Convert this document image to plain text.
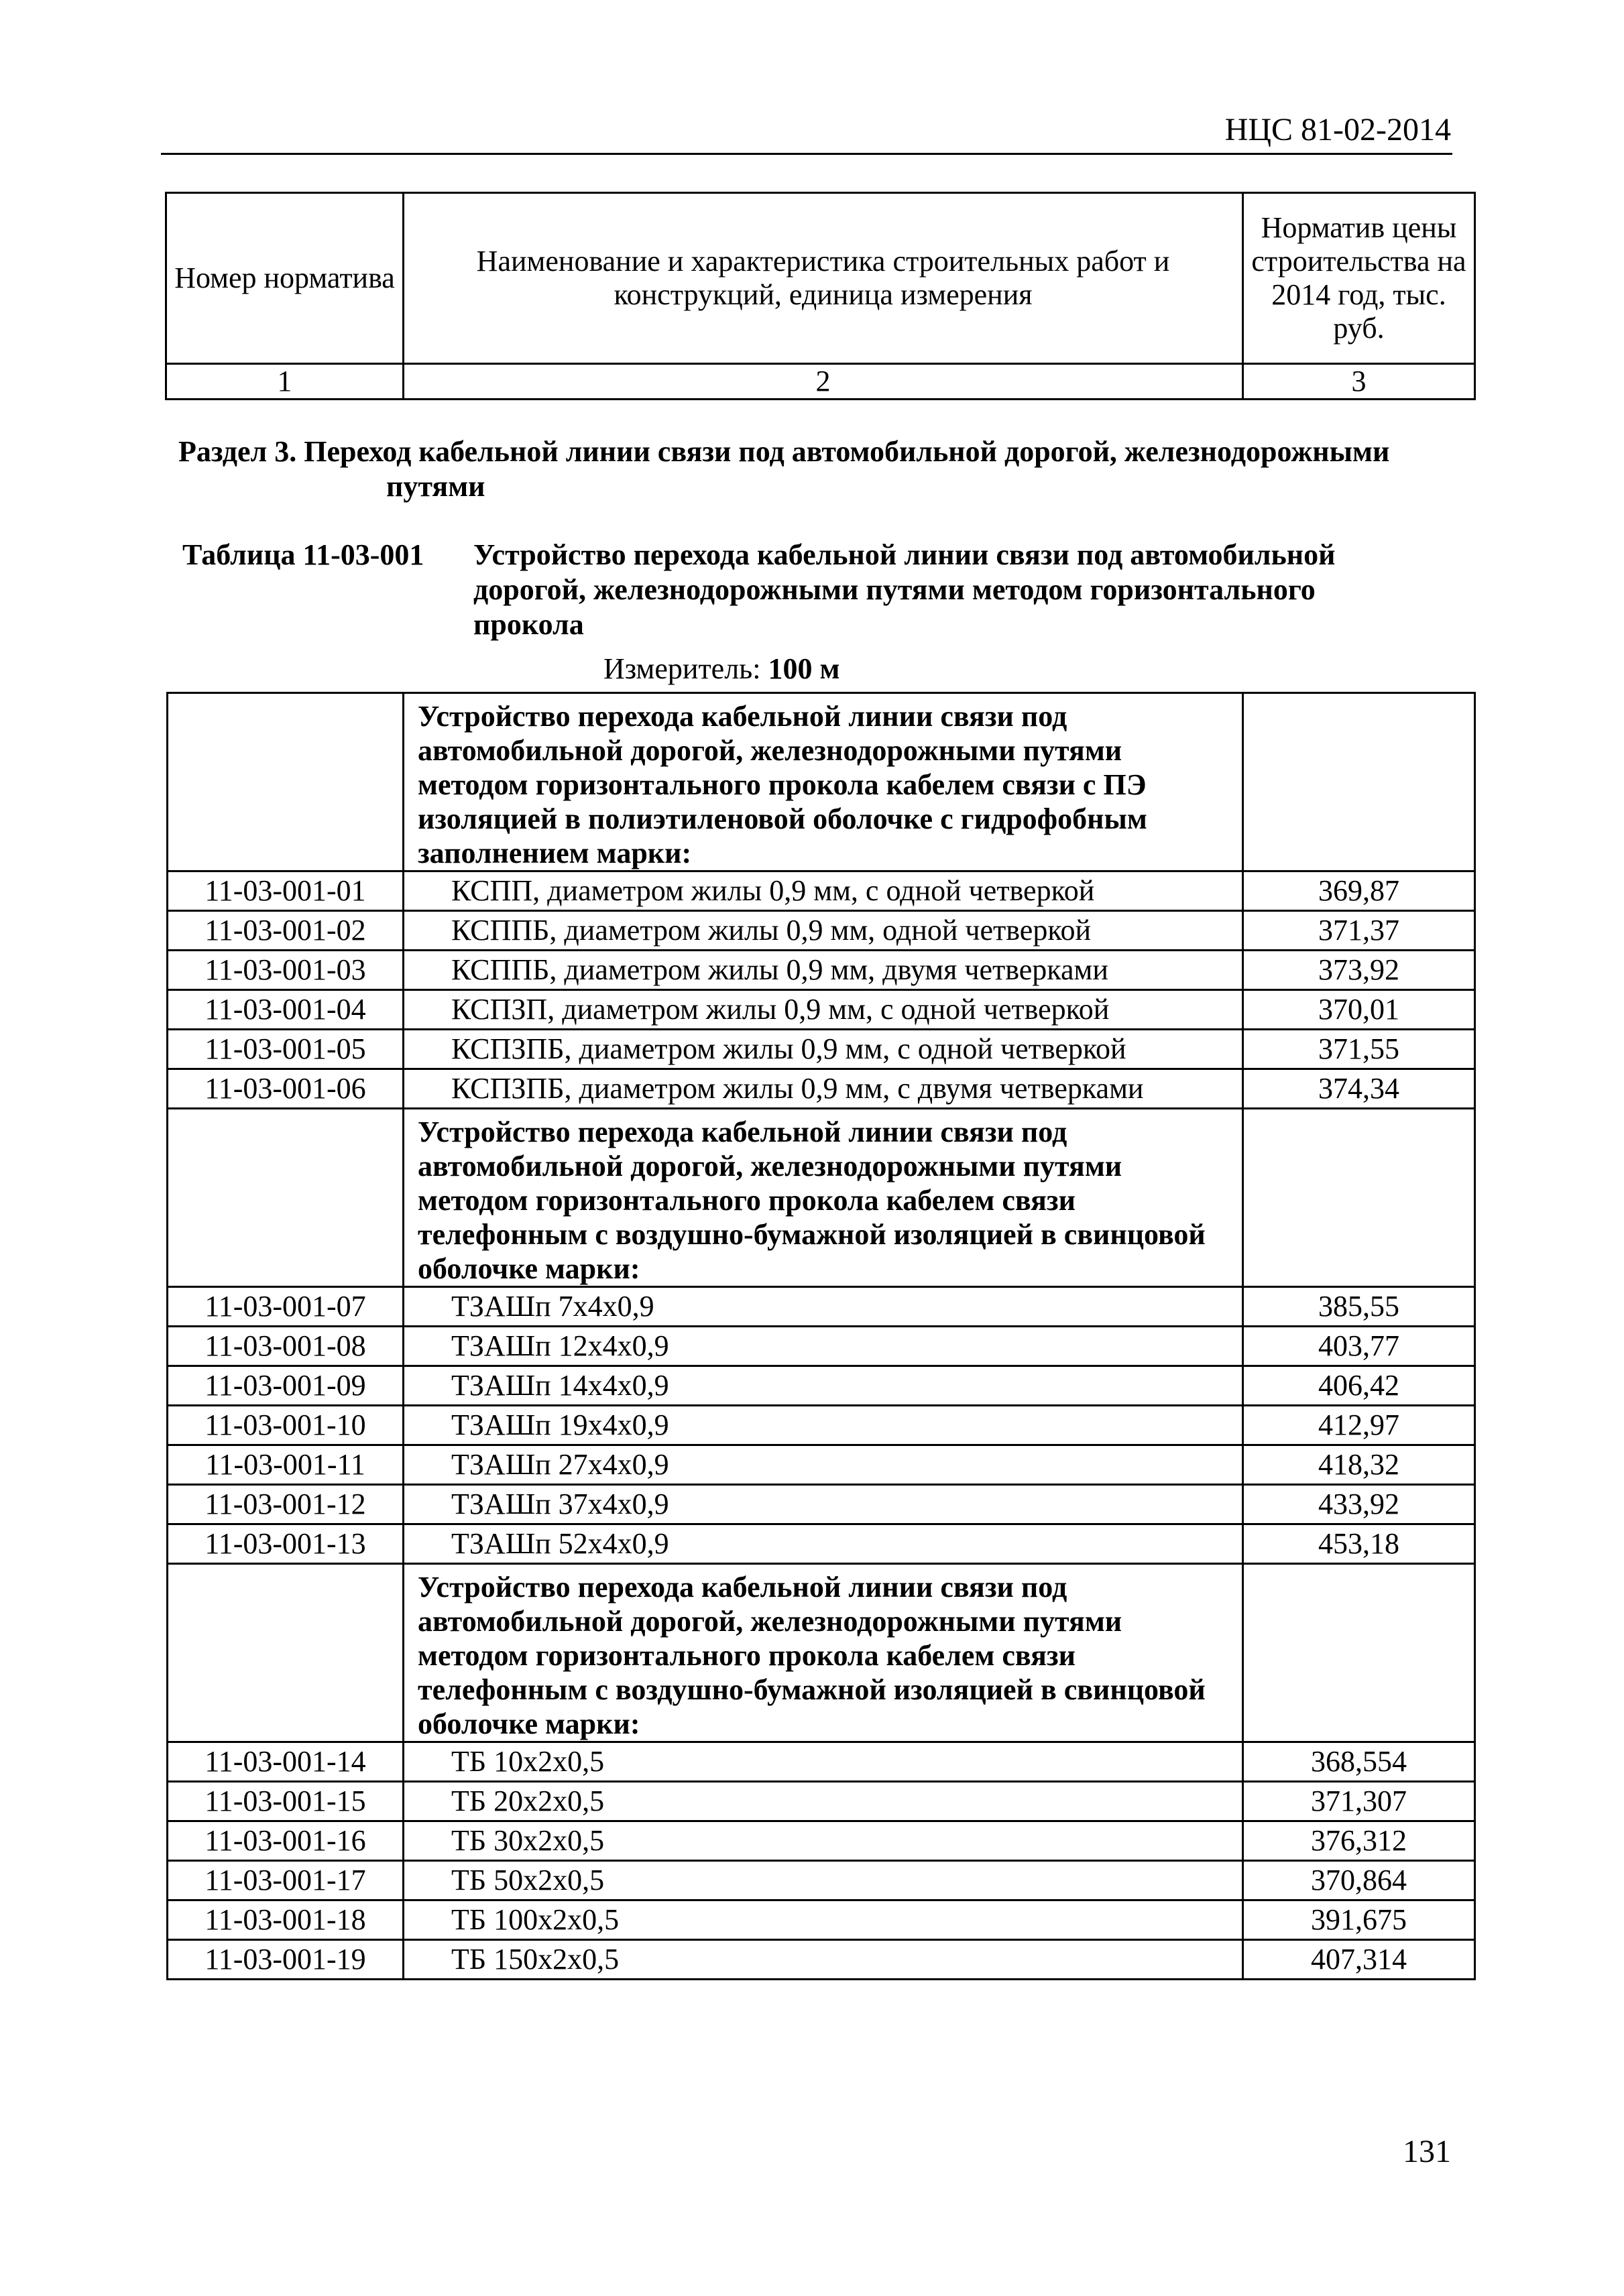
НЦС 81-02-2014
Номер норматива	Наименование и характеристика строительных работ и конструкций, единица измерения	Норматив цены строительства на 2014 год, тыс. руб.
1	2	3
Раздел 3. Переход кабельной линии связи под автомобильной дорогой, железнодорожными
путями
Таблица 11-03-001 Устройство перехода кабельной линии связи под автомобильной дорогой, железнодорожными путями методом горизонтального прокола
Измеритель: 100 м
	Устройство перехода кабельной линии связи под автомобильной дорогой, железнодорожными путями методом горизонтального прокола кабелем связи с ПЭ изоляцией в полиэтиленовой оболочке с гидрофобным заполнением марки:	
11-03-001-01	КСПП, диаметром жилы 0,9 мм, с одной четверкой	369,87
11-03-001-02	КСППБ, диаметром жилы 0,9 мм, одной четверкой	371,37
11-03-001-03	КСППБ, диаметром жилы 0,9 мм, двумя четверками	373,92
11-03-001-04	КСПЗП, диаметром жилы 0,9 мм, с одной четверкой	370,01
11-03-001-05	КСПЗПБ, диаметром жилы 0,9 мм, с одной четверкой	371,55
11-03-001-06	КСПЗПБ, диаметром жилы 0,9 мм, с двумя четверками	374,34
	Устройство перехода кабельной линии связи под автомобильной дорогой, железнодорожными путями методом горизонтального прокола кабелем связи телефонным с воздушно-бумажной изоляцией в свинцовой оболочке марки:	
11-03-001-07	ТЗАШп 7х4х0,9	385,55
11-03-001-08	ТЗАШп 12х4х0,9	403,77
11-03-001-09	ТЗАШп 14х4х0,9	406,42
11-03-001-10	ТЗАШп 19х4х0,9	412,97
11-03-001-11	ТЗАШп 27х4х0,9	418,32
11-03-001-12	ТЗАШп 37х4х0,9	433,92
11-03-001-13	ТЗАШп 52х4х0,9	453,18
	Устройство перехода кабельной линии связи под автомобильной дорогой, железнодорожными путями методом горизонтального прокола кабелем связи телефонным с воздушно-бумажной изоляцией в свинцовой оболочке марки:	
11-03-001-14	ТБ 10х2х0,5	368,554
11-03-001-15	ТБ 20х2х0,5	371,307
11-03-001-16	ТБ 30х2х0,5	376,312
11-03-001-17	ТБ 50х2х0,5	370,864
11-03-001-18	ТБ 100х2х0,5	391,675
11-03-001-19	ТБ 150х2х0,5	407,314
131
